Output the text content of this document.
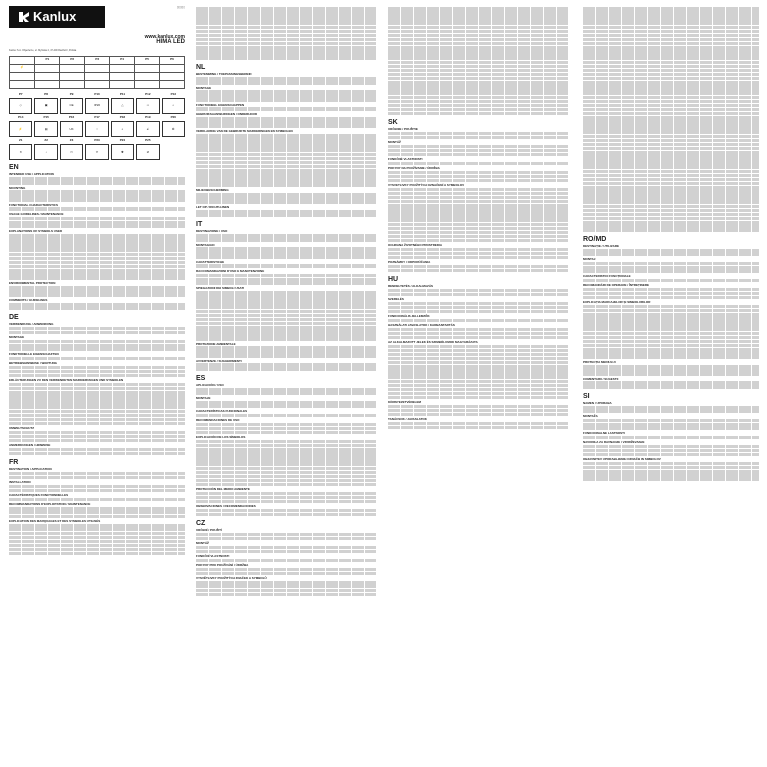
Kanlux
▯▯▯▯▯
www.kanlux.com
HIMA LED
Kanlux S.A. Objezierze, ul. Mylnska 4, 47-400 Racibórz, Polska
	P1	P2	P3	P4	P5	P6
⚡						

P7	P8	P9	P10	P11	P12	P13
◇	▣	CE	IP20	△	⇿	⌂
P14	P15	P16	P17	P18	P19	P20
⚡	▤	UK	○	◐	∠	♻
Z1	Z2	Z3	P23	P24	P25
✕	↓	▭	☀	✺	⊘
EN
INTENDED USE / APPLICATION
MOUNTING
FUNCTIONAL CHARACTERISTICS
USAGE GUIDELINES / MAINTENANCE
EXPLANATIONS OF SYMBOLS USED
ENVIRONMENTAL PROTECTION
COMMENTS / GUIDELINES
DE
VERWENDUNG / ANWENDUNG
MONTAGE
FUNKTIONELLE EIGENSCHAFTEN
BETRIEBSHINWEISE / WARTUNG
ERLÄUTERUNGEN ZU DEN VERWENDETEN MARKIERUNGEN UND SYMBOLEN
UMWELTSCHUTZ
ANMERKUNGEN / HINWEISE
FR
DESTINATION / APPLICATION
INSTALLATION
CARACTÉRISTIQUES FONCTIONNELLES
RECOMMANDATIONS D'EXPLOITATION / MAINTENANCE
EXPLICATION DES MARQUAGES ET DES SYMBOLES UTILISÉS
NL
BESTEMMING / TOEPASSINGSBEREID
MONTAGE
FUNCTIONEEL EIGENSCHAPPEN
GEBRUIKSAANWIJZINGEN / ONDERHOUD
VERKLARING VAN DE GEBRUIKTE MARKERINGEN EN SYMBOLEN
MILIEUBESCHERMING
LET OP / RICHTLIJNEN
IT
DESTINAZIONE / USO
MONTAGGIO
CARATTERISTICHE
RACCOMANDAZIONI D'USO E MANUTENZIONE
SPIEGAZIONI DEI SIMBOLI USATI
PROTEZIONE AMBIENTALE
AVVERTENZE / SUGGERIMENTI
ES
APLICACIÓN / USO
MONTAJE
CARACTERÍSTICAS FUNCIONALES
RECOMENDACIONES DE USO
EXPLICACIÓN DE LOS SÍMBOLOS
PROTECCIÓN DEL MEDIO AMBIENTE
OBSERVACIONES / RECOMENDACIONES
CZ
URČENÍ / POUŽITÍ
MONTÁŽ
FUNKČNÍ VLASTNOSTI
POKYNY PRO POUŽÍVÁNÍ / ÚDRŽBA
VYSVĚTLIVKY POUŽITÝCH ZNAČEK A SYMBOLŮ
SK
URČENIE / POUŽITIE
MONTÁŽ
FUNKČNÉ VLASTNOSTI
POKYNY NA POUŽÍVANIE / ÚDRŽBA
VYSVETLIVKY POUŽITÝCH OZNAČENÍ A SYMBOLOV
OCHRANA ŽIVOTNÉHO PROSTREDIA
POZNÁMKY / ODPORÚČANIA
HU
RENDELTETÉS / ALKALMAZÁS
SZERELÉS
FUNKCIONÁLIS JELLEMZŐK
HASZNÁLATI JAVASLATOK / KARBANTARTÁS
AZ ALKALMAZOTT JELEK ÉS SZIMBÓLUMOK MAGYARÁZATA
KÖRNYEZETVÉDELEM
TANÁCSOK / JAVASLATOK
RO/MD
DESTINAȚIE / UTILIZARE
MONTAJ
CARACTERISTICI FUNCȚIONALE
RECOMANDĂRI DE OPERARE / ÎNTREȚINERE
EXPLICAȚIA MARCAJELOR ȘI SIMBOLURILOR
PROTECȚIA MEDIULUI
COMENTARII / SUGESTII
SI
NAMEN / UPORABA
MONTAŽA
FUNKCIONALNE LASTNOSTI
NAVODILA ZA RAVNANJE / VZDRŽEVANJE
OBJAVNITEV UPORABLJENIH OZNAČB IN SIMBOLOV
